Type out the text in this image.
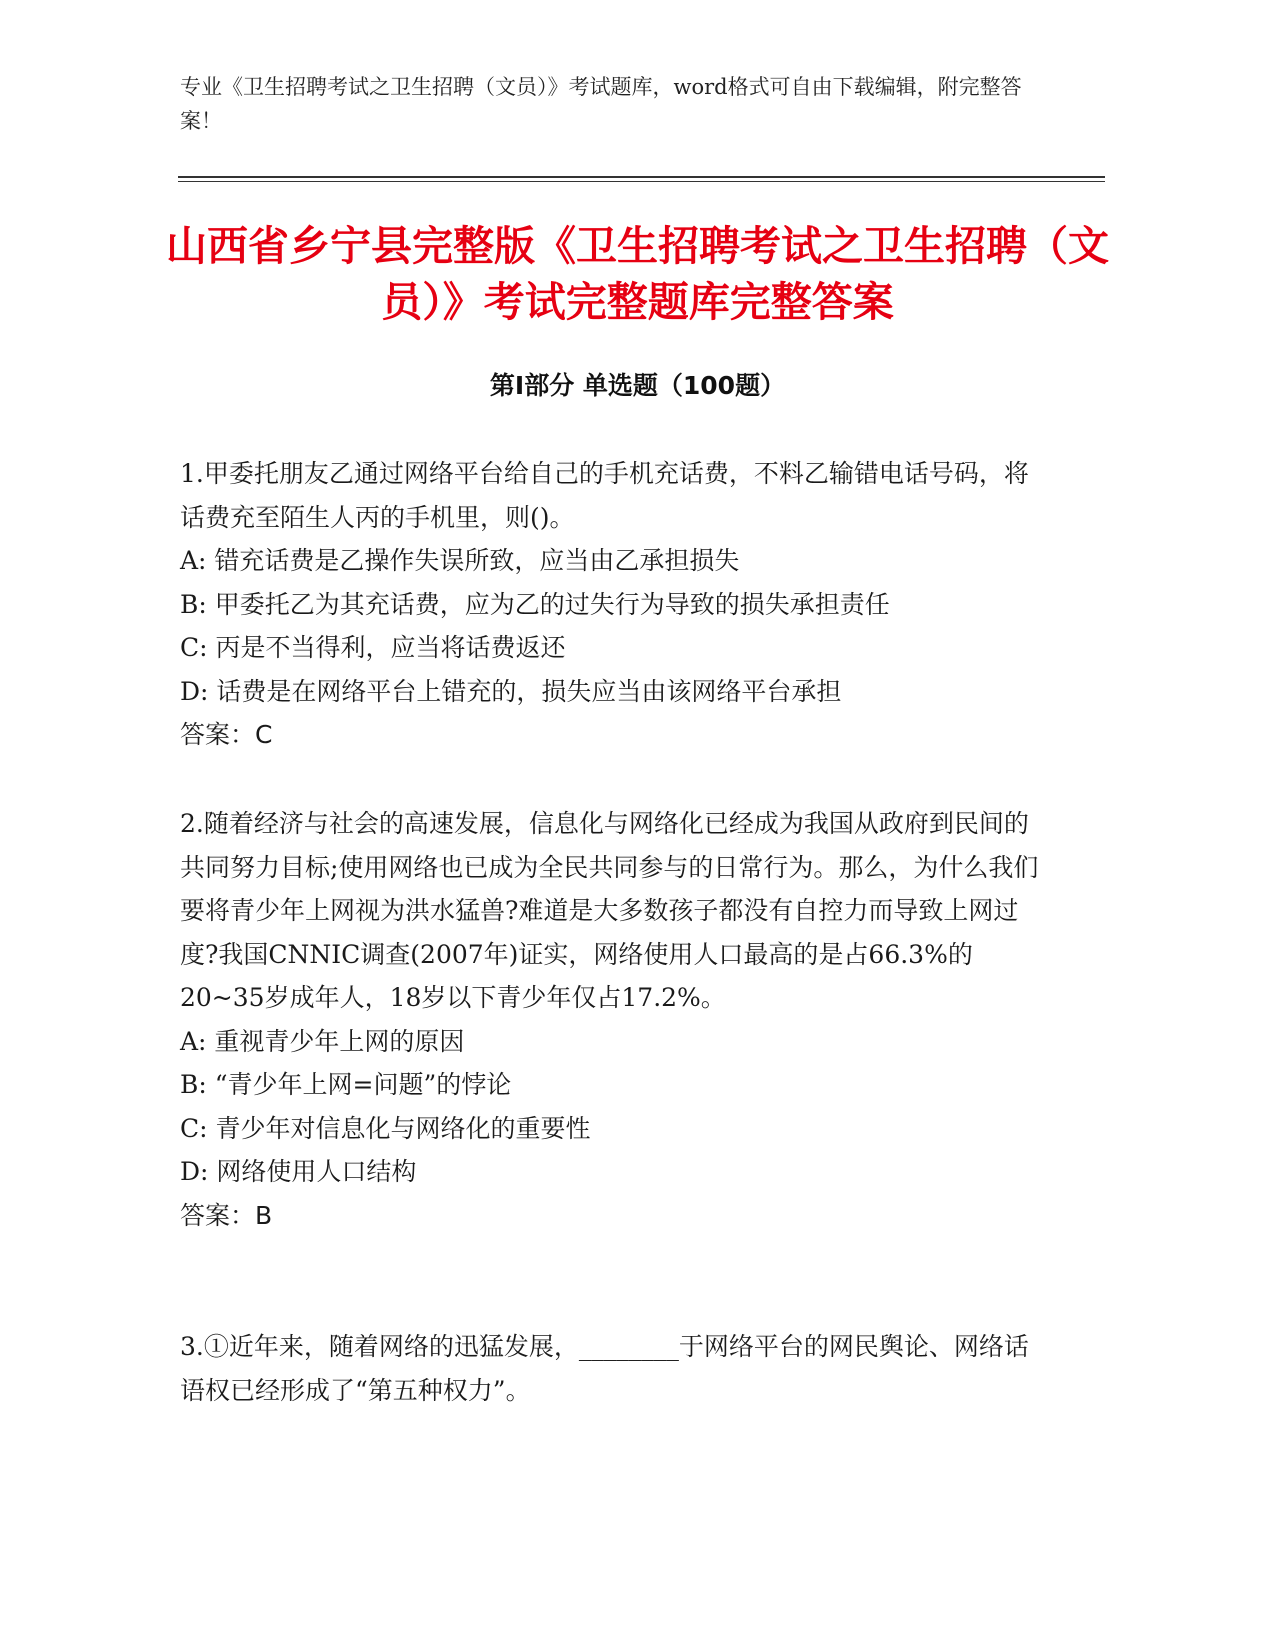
专业《卫生招聘考试之卫生招聘（文员）》考试题库，word格式可自由下载编辑，附完整答案！
山西省乡宁县完整版《卫生招聘考试之卫生招聘（文员）》考试完整题库完整答案
第Ⅰ部分 单选题（100题）

1.甲委托朋友乙通过网络平台给自己的手机充话费，不料乙输错电话号码，将话费充至陌生人丙的手机里，则()。

A: 错充话费是乙操作失误所致，应当由乙承担损失

B: 甲委托乙为其充话费，应为乙的过失行为导致的损失承担责任

C: 丙是不当得利，应当将话费返还

D: 话费是在网络平台上错充的，损失应当由该网络平台承担

答案：C

2.随着经济与社会的高速发展，信息化与网络化已经成为我国从政府到民间的共同努力目标;使用网络也已成为全民共同参与的日常行为。那么，为什么我们要将青少年上网视为洪水猛兽?难道是大多数孩子都没有自控力而导致上网过度?我国CNNIC调查(2007年)证实，网络使用人口最高的是占66.3%的20~35岁成年人，18岁以下青少年仅占17.2%。

A: 重视青少年上网的原因

B: “青少年上网=问题”的悖论

C: 青少年对信息化与网络化的重要性

D: 网络使用人口结构

答案：B

3.①近年来，随着网络的迅猛发展，________于网络平台的网民舆论、网络话语权已经形成了“第五种权力”。
